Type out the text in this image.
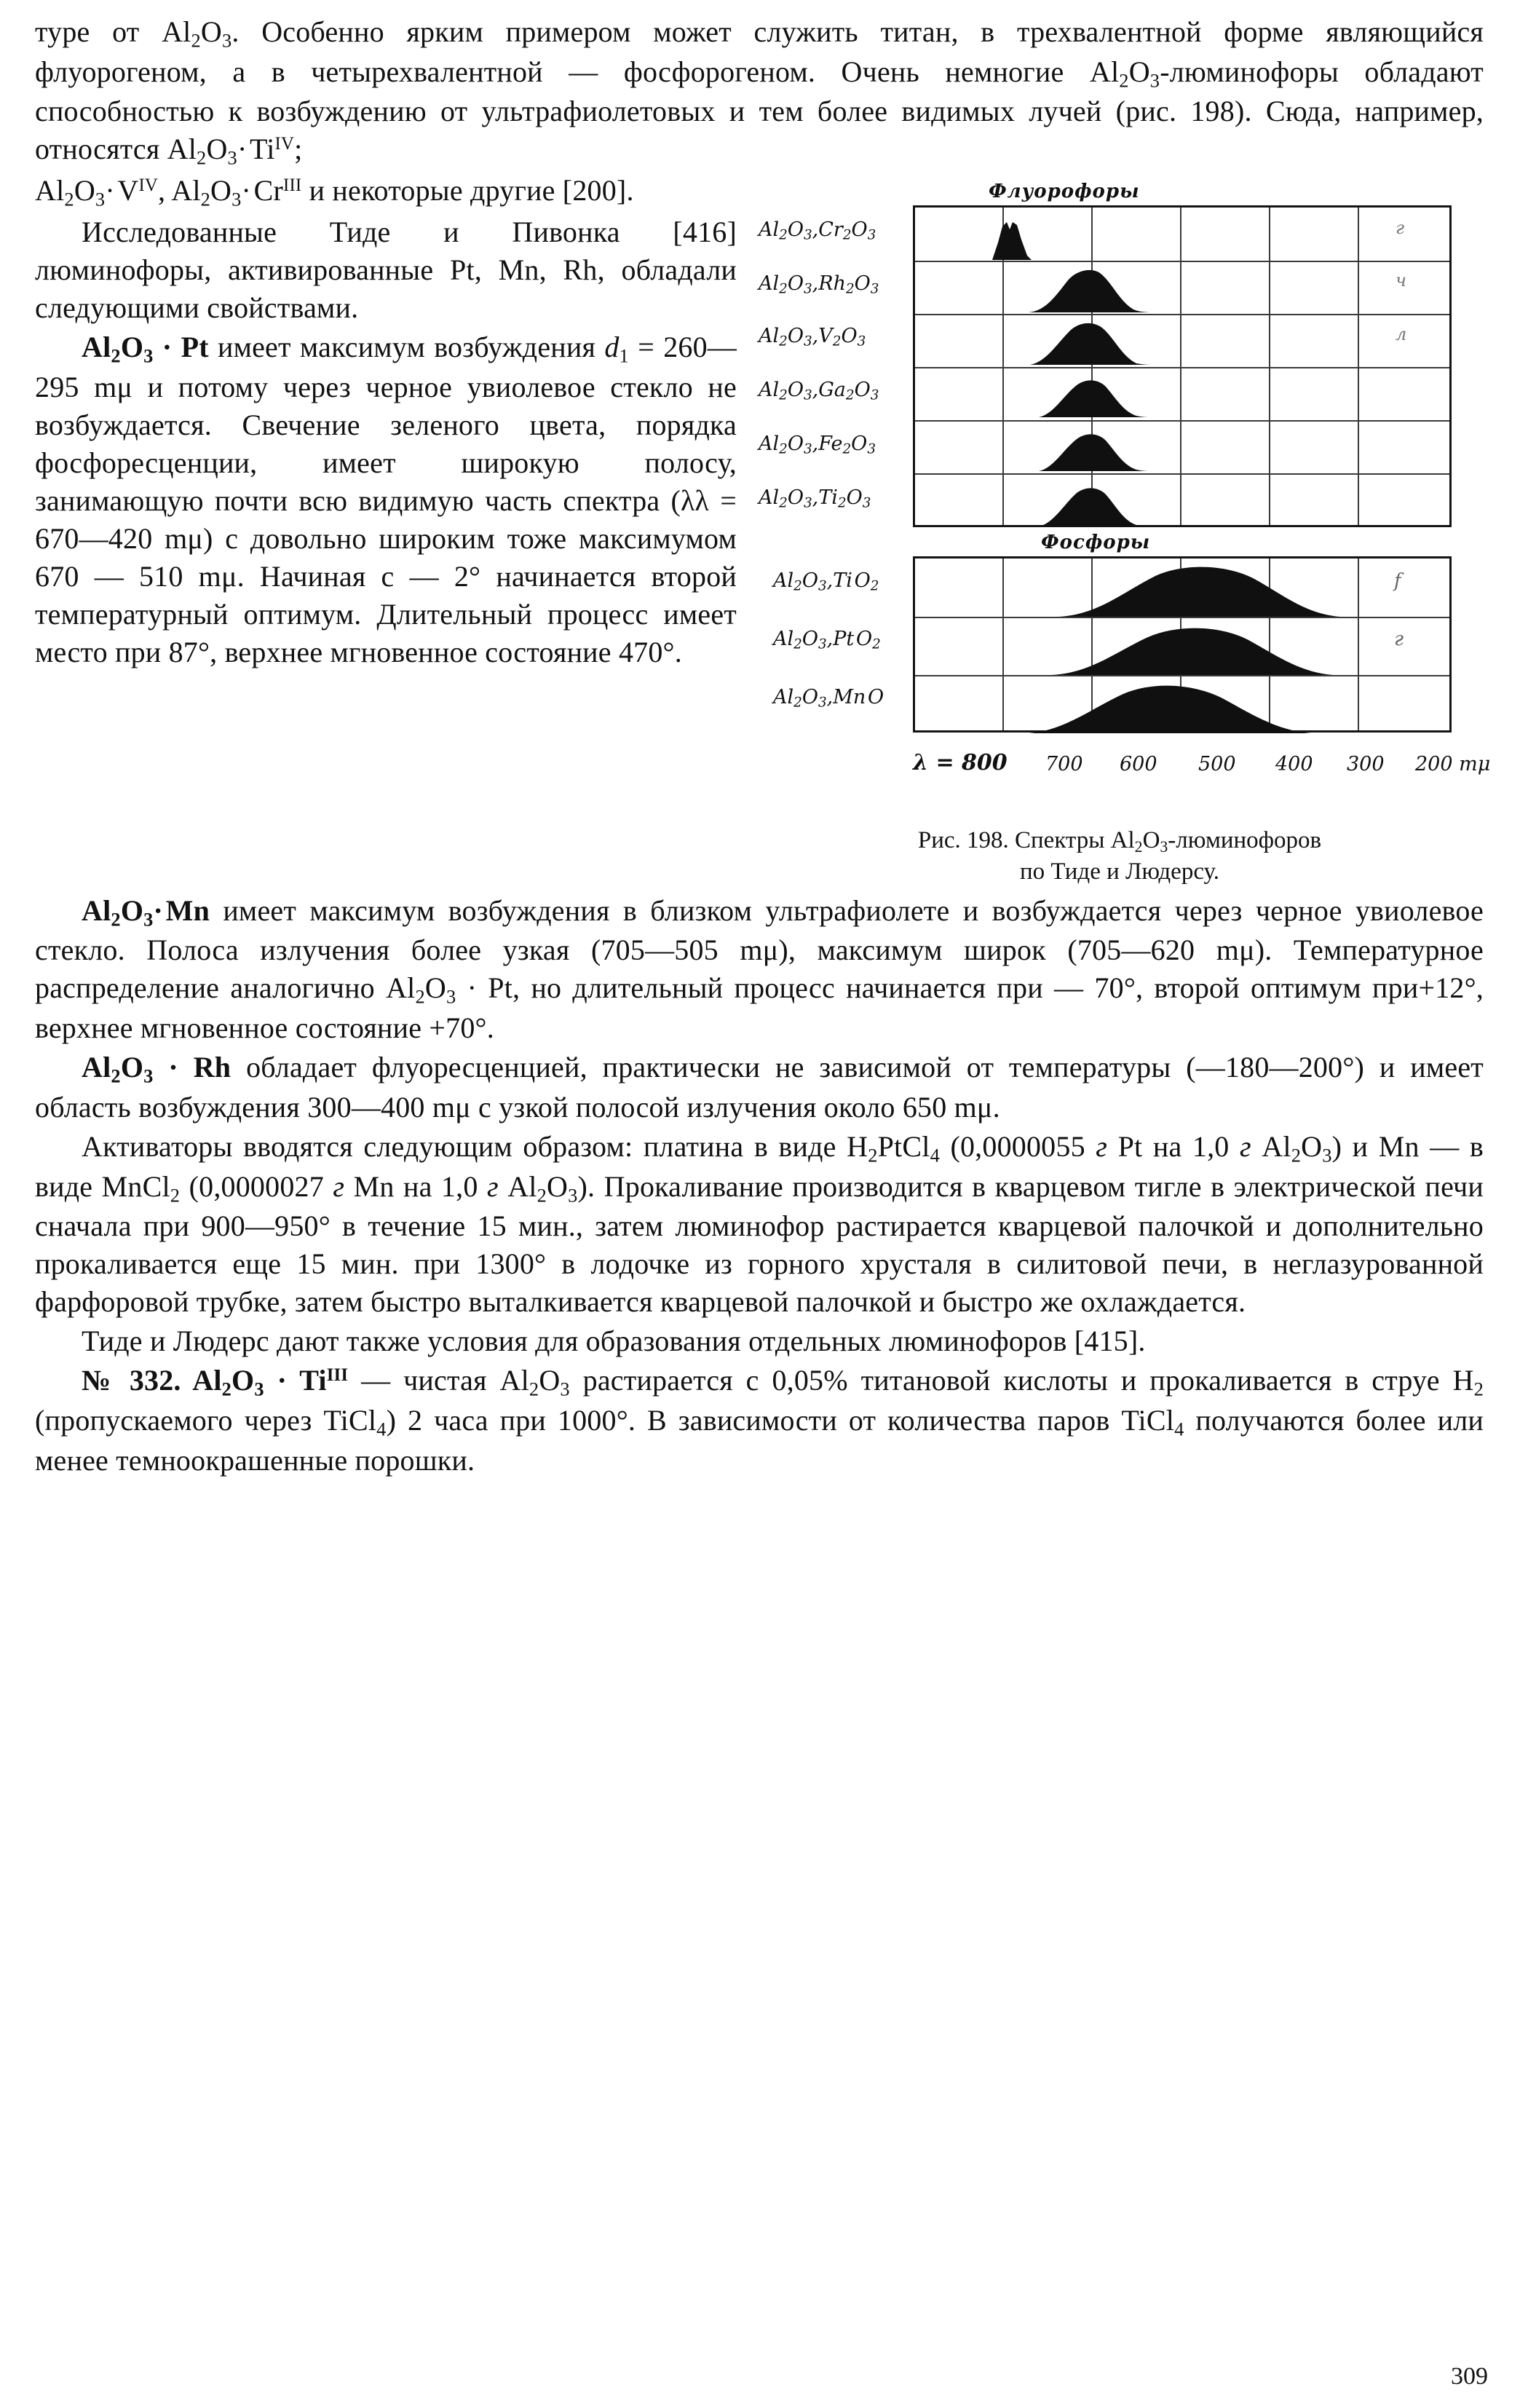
туре от $Al_2O_3$. Особенно ярким примером может служить титан, в трехвалентной форме являющийся флуорогеном, а в четырехвалентной — фосфорогеном. Очень немногие $Al_2O_3$-люминофоры обладают способностью к возбуждению от ультрафиолетовых и тем более видимых лучей (рис. 198). Сюда, например, относятся $Al_2O_3\cdot$ $Ti^{IV}$;

Флуорофоры
г
ч
л
$Al_2O_3,Cr_2O_3$
$Al_2O_3,Rh_2O_3$
$Al_2O_3,V_2O_3$
$Al_2O_3,Ga_2O_3$
$Al_2O_3,Fe_2O_3$
$Al_2O_3,Ti_2O_3$
Фосфоры
f
г
$Al_2O_3,Ti$ $O_2$
$Al_2O_3,Pt$ $O_2$
$Al_2O_3,Mn$ O
λ = 800 700 600 500 400 300 200 mμ
Рис. 198. Спектры $Al_2O_3$-люминофоров
по Тиде и Людерсу.

$Al_2O_3\cdot$ $V^{IV}$, $Al_2O_3\cdot$ $Cr^{III}$ и некоторые другие [200].

Исследованные Тиде и Пивонка [416] люминофоры, активированные Pt, Mn, Rh, обладали следующими свойствами.

$Al_2O_3 \cdot Pt$ имеет максимум возбуждения $d_1$ = 260—295 mμ и потому через черное увиолевое стекло не возбуждается. Свечение зеленого цвета, порядка фосфоресценции, имеет широкую полосу, занимающую почти всю видимую часть спектра (λλ = 670—420 mμ) с довольно широким тоже максимумом 670 — 510 mμ. Начиная с — 2° начинается второй температурный оптимум. Длительный процесс имеет место при 87°, верхнее мгновенное состояние 470°.

$Al_2O_3\cdot$ Mn имеет максимум возбуждения в близком ультрафиолете и возбуждается через черное увиолевое стекло. Полоса излучения более узкая (705—505 mμ), максимум широк (705—620 mμ). Температурное распределение аналогично $Al_2O_3 \cdot Pt$, но длительный процесс начинается при — 70°, второй оптимум при+12°, верхнее мгновенное состояние +70°.

$Al_2O_3 \cdot Rh$ обладает флуоресценцией, практически не зависимой от температуры (—180—200°) и имеет область возбуждения 300—400 mμ с узкой полосой излучения около 650 mμ.

Активаторы вводятся следующим образом: платина в виде $H_2PtCl_4$ (0,0000055 г Pt на 1,0 г $Al_2O_3$) и Mn — в виде MnCl$_2$ (0,0000027 г Mn на 1,0 г $Al_2O_3$). Прокаливание производится в кварцевом тигле в электрической печи сначала при 900—950° в течение 15 мин., затем люминофор растирается кварцевой палочкой и дополнительно прокаливается еще 15 мин. при 1300° в лодочке из горного хрусталя в силитовой печи, в неглазурованной фарфоровой трубке, затем быстро выталкивается кварцевой палочкой и быстро же охлаждается.

Тиде и Людерс дают также условия для образования отдельных люминофоров [415].

№ 332. $Al_2O_3 \cdot Ti^{III}$ — чистая $Al_2O_3$ растирается с 0,05% титановой кислоты и прокаливается в струе $H_2$ (пропускаемого через TiCl$_4$) 2 часа при 1000°. В зависимости от количества паров TiCl$_4$ получаются более или менее темноокрашенные порошки.

309
